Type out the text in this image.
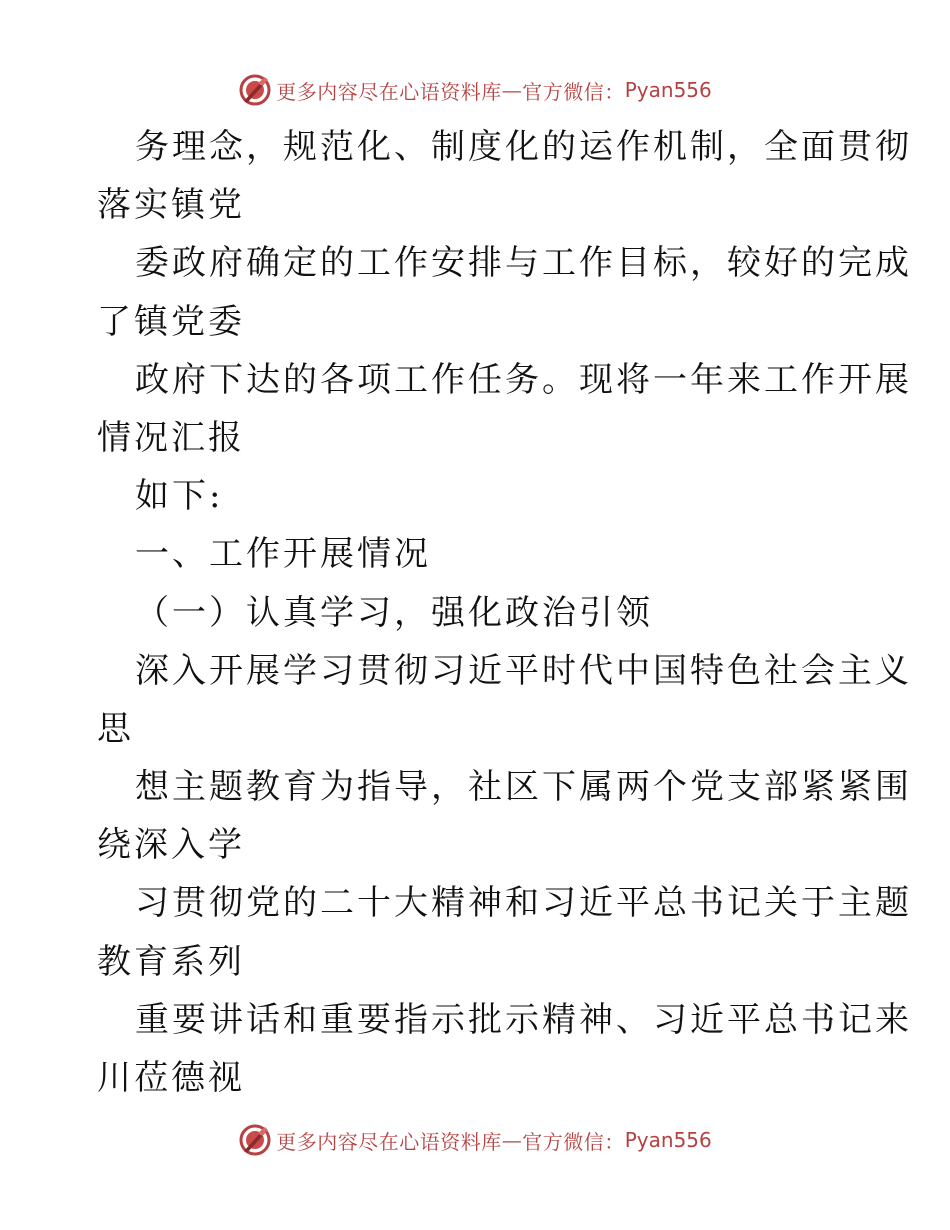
更多内容尽在心语资料库 — 官方微信： Pyan556
务理念，规范化、制度化的运作机制，全面贯彻
落实镇党
委政府确定的工作安排与工作目标，较好的完成
了镇党委
政府下达的各项工作任务。现将一年来工作开展
情况汇报
如下:
一、工作开展情况
（一）认真学习，强化政治引领
深入开展学习贯彻习近平时代中国特色社会主义
思
想主题教育为指导，社区下属两个党支部紧紧围
绕深入学
习贯彻党的二十大精神和习近平总书记关于主题
教育系列
重要讲话和重要指示批示精神、习近平总书记来
川莅德视
更多内容尽在心语资料库 — 官方微信： Pyan556
